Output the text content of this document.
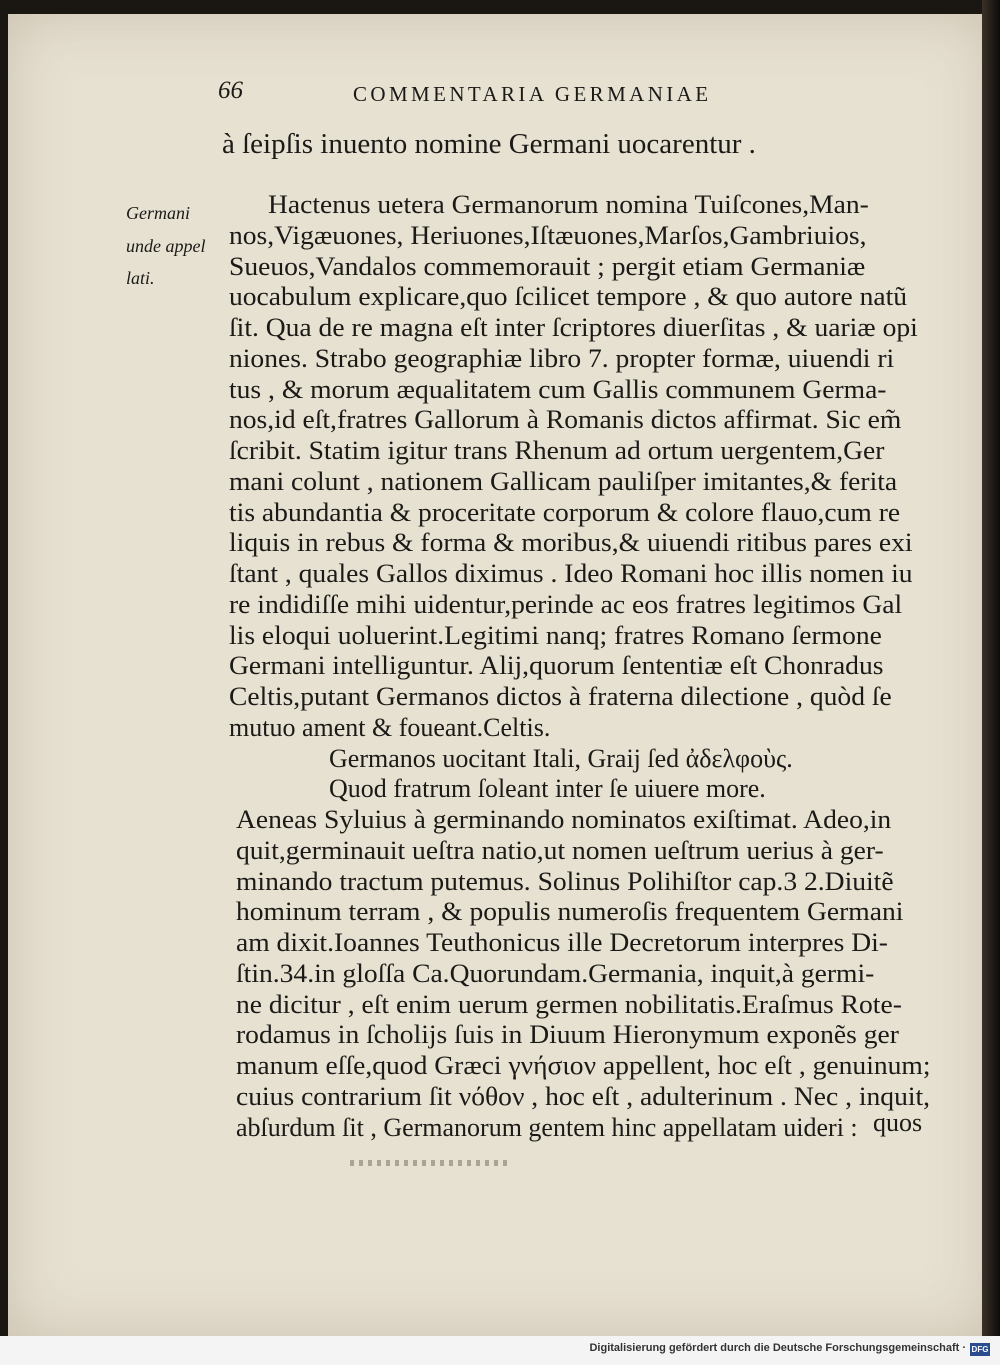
66	COMMENTARIA GERMANIAE
à ſeipſis inuento nomine Germani uocarentur .
Germani
unde appel
lati.
Hactenus uetera Germanorum nomina Tuiſcones,Man-
nos,Vigæuones, Heriuones,Iſtæuones,Marſos,Gambriuios,
Sueuos,Vandalos commemorauit ; pergit etiam Germaniæ
uocabulum explicare,quo ſcilicet tempore , & quo autore natũ
ſit. Qua de re magna eſt inter ſcriptores diuerſitas , & uariæ opi
niones. Strabo geographiæ libro 7. propter formæ, uiuendi ri
tus , & morum æqualitatem cum Gallis communem Germa-
nos,id eſt,fratres Gallorum à Romanis dictos affirmat. Sic em̃
ſcribit. Statim igitur trans Rhenum ad ortum uergentem,Ger
mani colunt , nationem Gallicam pauliſper imitantes,& ferita
tis abundantia & proceritate corporum & colore flauo,cum re
liquis in rebus & forma & moribus,& uiuendi ritibus pares exi
ſtant , quales Gallos diximus . Ideo Romani hoc illis nomen iu
re indidiſſe mihi uidentur,perinde ac eos fratres legitimos Gal
lis eloqui uoluerint.Legitimi nanq; fratres Romano ſermone
Germani intelliguntur. Alij,quorum ſententiæ eſt Chonradus
Celtis,putant Germanos dictos à fraterna dilectione , quòd ſe
mutuo ament & foueant.Celtis.
Germanos uocitant Itali, Graij ſed ἀδελφοὺς.
Quod fratrum ſoleant inter ſe uiuere more.
Aeneas Syluius à germinando nominatos exiſtimat. Adeo,in
quit,germinauit ueſtra natio,ut nomen ueſtrum uerius à ger-
minando tractum putemus. Solinus Polihiſtor cap.3 2.Diuitẽ
hominum terram , & populis numeroſis frequentem Germani
am dixit.Ioannes Teuthonicus ille Decretorum interpres Di-
ſtin.34.in gloſſa Ca.Quorundam.Germania, inquit,à germi-
ne dicitur , eſt enim uerum germen nobilitatis.Eraſmus Rote-
rodamus in ſcholijs ſuis in Diuum Hieronymum exponẽs ger
manum eſſe,quod Græci γνήσιον appellent, hoc eſt , genuinum;
cuius contrarium ſit νόθον , hoc eſt , adulterinum . Nec , inquit,
abſurdum ſit , Germanorum gentem hinc appellatam uideri : quos
Digitalisierung gefördert durch die Deutsche Forschungsgemeinschaft · DFG
